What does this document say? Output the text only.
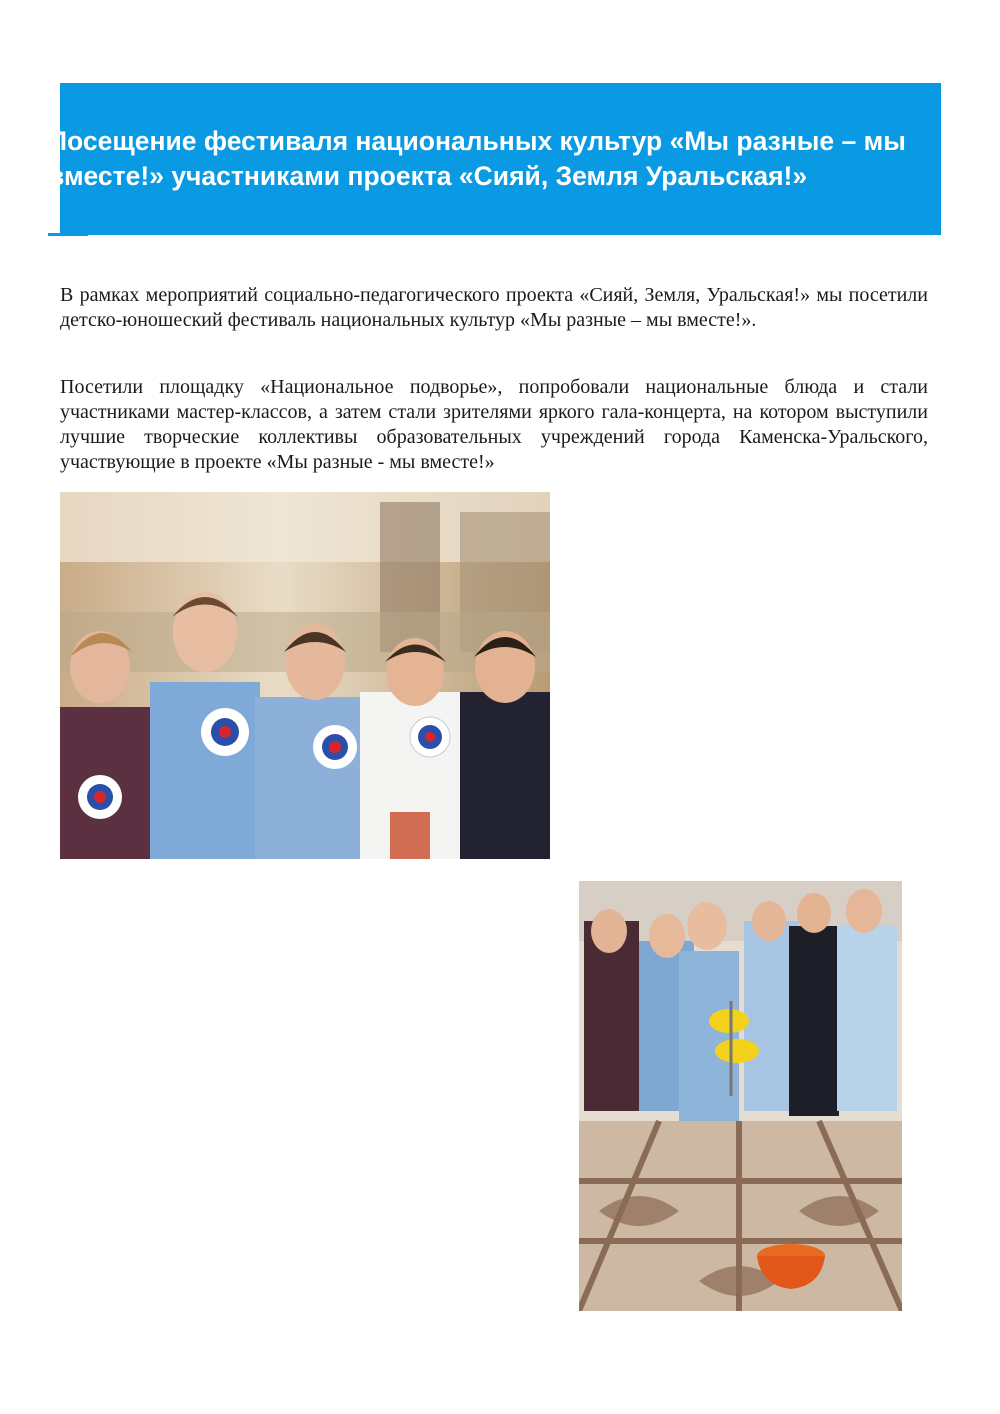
Посещение фестиваля национальных культур «Мы разные – мы вместе!» участниками проекта «Сияй, Земля Уральская!»

В рамках мероприятий социально-педагогического проекта «Сияй, Земля, Уральская!» мы посетили детско-юношеский фестиваль национальных культур «Мы разные – мы вместе!».

Посетили площадку «Национальное подворье», попробовали национальные блюда и стали участниками мастер-классов, а затем стали зрителями яркого гала-концерта, на котором выступили лучшие творческие коллективы образовательных учреждений города Каменска-Уральского, участвующие в проекте «Мы разные - мы вместе!»
